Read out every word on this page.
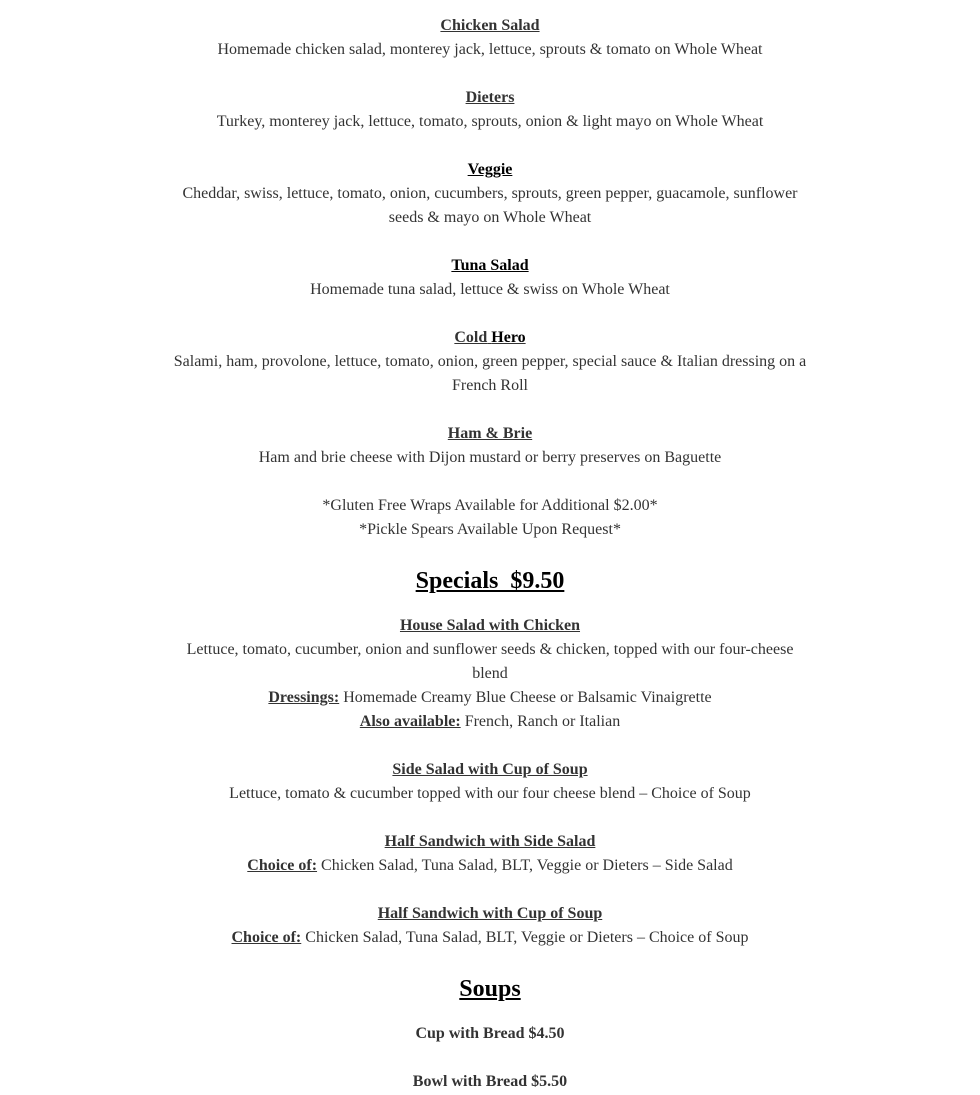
Chicken Salad

Homemade chicken salad, monterey jack, lettuce, sprouts & tomato on Whole Wheat

Dieters

Turkey, monterey jack, lettuce, tomato, sprouts, onion & light mayo on Whole Wheat

Veggie

Cheddar, swiss, lettuce, tomato, onion, cucumbers, sprouts, green pepper, guacamole, sunflower seeds & mayo on Whole Wheat

Tuna Salad

Homemade tuna salad, lettuce & swiss on Whole Wheat

Cold Hero

Salami, ham, provolone, lettuce, tomato, onion, green pepper, special sauce & Italian dressing on a French Roll

Ham & Brie

Ham and brie cheese with Dijon mustard or berry preserves on Baguette

*Gluten Free Wraps Available for Additional $2.00*

*Pickle Spears Available Upon Request*

Specials  $9.50

House Salad with Chicken

Lettuce, tomato, cucumber, onion and sunflower seeds & chicken, topped with our four-cheese blend

Dressings: Homemade Creamy Blue Cheese or Balsamic Vinaigrette

Also available: French, Ranch or Italian

Side Salad with Cup of Soup

Lettuce, tomato & cucumber topped with our four cheese blend – Choice of Soup

Half Sandwich with Side Salad

Choice of: Chicken Salad, Tuna Salad, BLT, Veggie or Dieters – Side Salad

Half Sandwich with Cup of Soup

Choice of: Chicken Salad, Tuna Salad, BLT, Veggie or Dieters – Choice of Soup

Soups

Cup with Bread $4.50

Bowl with Bread $5.50
